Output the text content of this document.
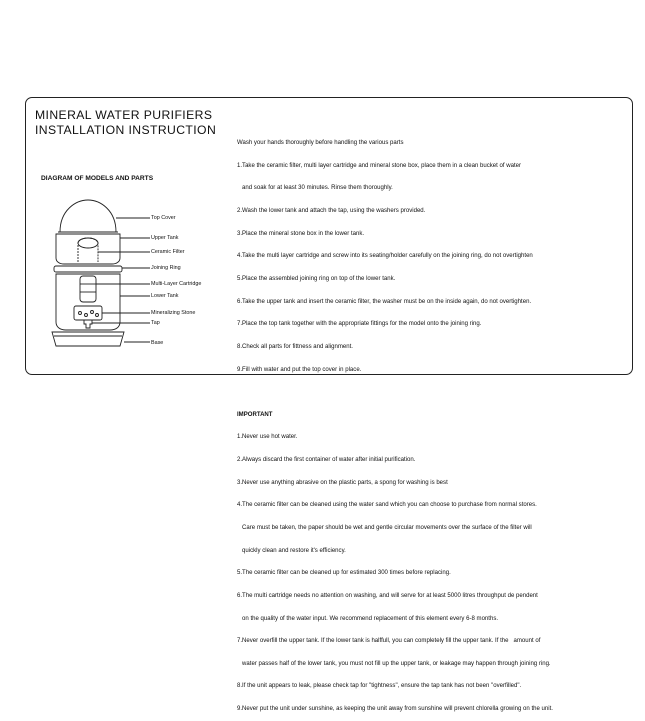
MINERAL WATER PURIFIERS
INSTALLATION INSTRUCTION
DIAGRAM OF MODELS AND PARTS
Top Cover
Upper Tank
Ceramic Filter
Joining Ring
Multi-Layer Cartridge
Lower Tank
Mineralizing Stone
Tap
Base

Wash your hands thoroughly before handling the various parts

1.Take the ceramic filter, multi layer cartridge and mineral stone box, place them in a clean bucket of water

and soak for at least 30 minutes. Rinse them thoroughly.

2.Wash the lower tank and attach the tap, using the washers provided.

3.Place the mineral stone box in the lower tank.

4.Take the multi layer cartridge and screw into its seating/holder carefully on the joining ring, do not overtighten

5.Place the assembled joining ring on top of the lower tank.

6.Take the upper tank and insert the ceramic filter, the washer must be on the inside again, do not overtighten.

7.Place the top tank together with the appropriate fittings for the model onto the joining ring.

8.Check all parts for fittness and alignment.

9.Fill with water and put the top cover in place.

IMPORTANT

1.Never use hot water.

2.Always discard the first container of water after initial purification.

3.Never use anything abrasive on the plastic parts, a spong for washing is best

4.The ceramic filter can be cleaned using the water sand which you can choose to purchase from normal stores.

Care must be taken, the paper should be wet and gentle circular movements over the surface of the filter will

quickly clean and restore it's efficiency.

5.The ceramic filter can be cleaned up for estimated 300 times before replacing.

6.The multi cartridge needs no attention on washing, and will serve for at least 5000 litres throughput de pendent

on the quality of the water input. We recommend replacement of this element every 6-8 months.

7.Never overfill the upper tank. If the lower tank is halffull, you can completely fill the upper tank. If the   amount of

water passes half of the lower tank, you must not fill up the upper tank, or leakage may happen through joining ring.

8.If the unit appears to leak, please check tap for "tightness", ensure the tap tank has not been "overfilled".

9.Never put the unit under sunshine, as keeping the unit away from sunshine will prevent chlorella growing on the unit.
